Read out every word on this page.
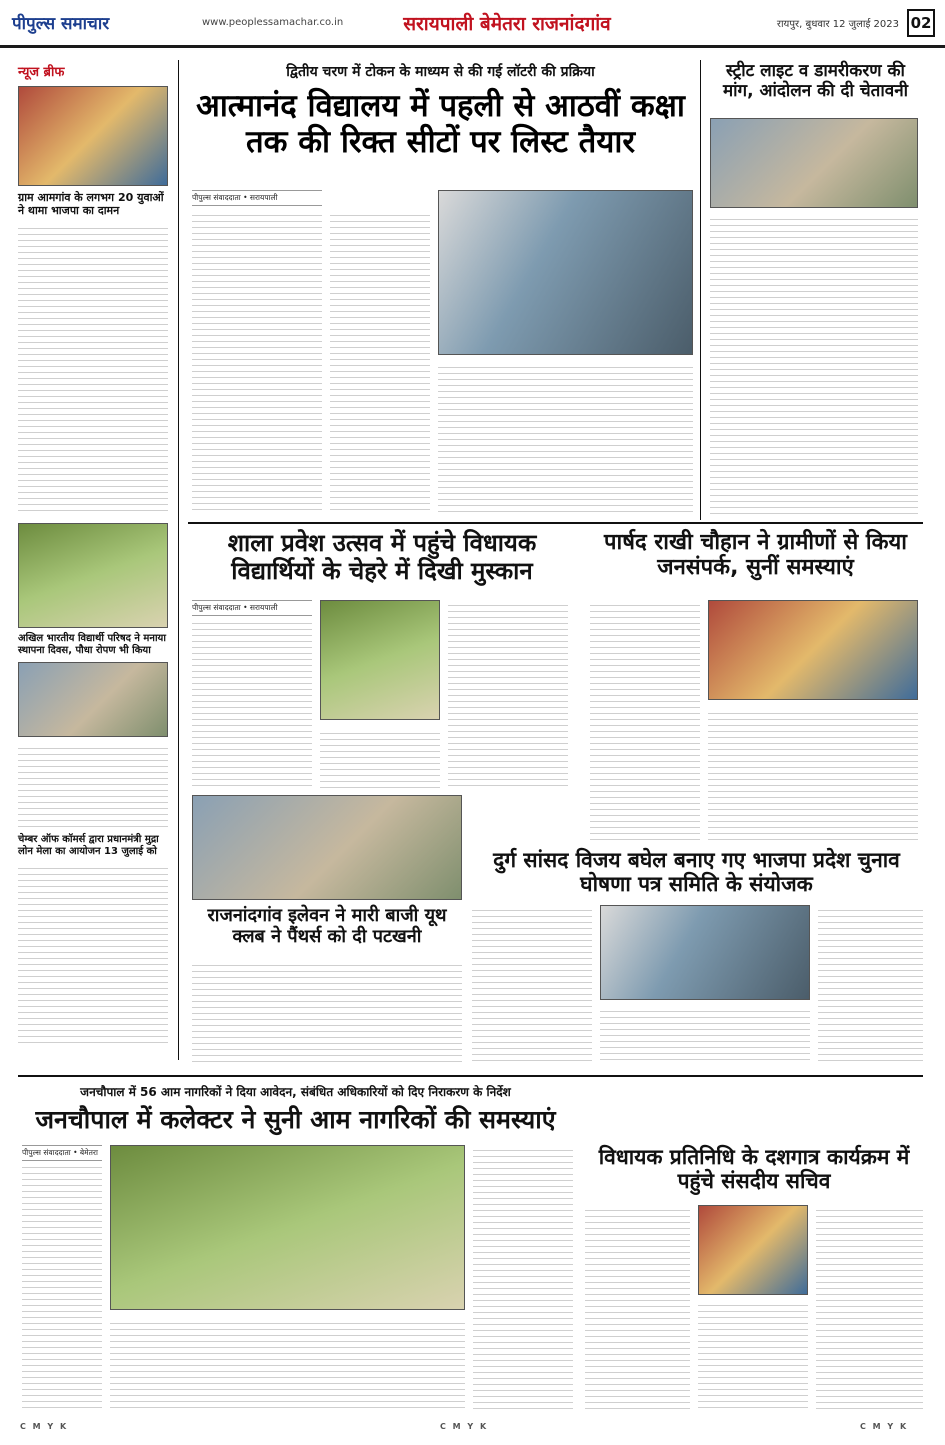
पीपुल्स समाचार	www.peoplessamachar.co.in	सरायपाली बेमेतरा राजनांदगांव	रायपुर, बुधवार 12 जुलाई 2023 02
न्यूज ब्रीफ
ग्राम आमगांव के लगभग 20 युवाओं ने थामा भाजपा का दामन
अखिल भारतीय विद्यार्थी परिषद ने मनाया स्थापना दिवस, पौधा रोपण भी किया
चेम्बर ऑफ कॉमर्स द्वारा प्रधानमंत्री मुद्रा लोन मेला का आयोजन 13 जुलाई को
द्वितीय चरण में टोकन के माध्यम से की गई लॉटरी की प्रक्रिया
आत्मानंद विद्यालय में पहली से आठवीं कक्षा तक की रिक्त सीटों पर लिस्ट तैयार
पीपुल्स संवाददाता • सरायपाली
स्ट्रीट लाइट व डामरीकरण की मांग, आंदोलन की दी चेतावनी
शाला प्रवेश उत्सव में पहुंचे विधायक विद्यार्थियों के चेहरे में दिखी मुस्कान
पीपुल्स संवाददाता • सरायपाली
पार्षद राखी चौहान ने ग्रामीणों से किया जनसंपर्क, सुनीं समस्याएं
राजनांदगांव इलेवन ने मारी बाजी यूथ क्लब ने पैंथर्स को दी पटखनी
दुर्ग सांसद विजय बघेल बनाए गए भाजपा प्रदेश चुनाव घोषणा पत्र समिति के संयोजक
जनचौपाल में 56 आम नागरिकों ने दिया आवेदन, संबंधित अधिकारियों को दिए निराकरण के निर्देश
जनचौपाल में कलेक्टर ने सुनी आम नागरिकों की समस्याएं
पीपुल्स संवाददाता • बेमेतरा	विधायक प्रतिनिधि के दशगात्र कार्यक्रम में पहुंचे संसदीय सचिव
C M Y K	C M Y K	C M Y K
